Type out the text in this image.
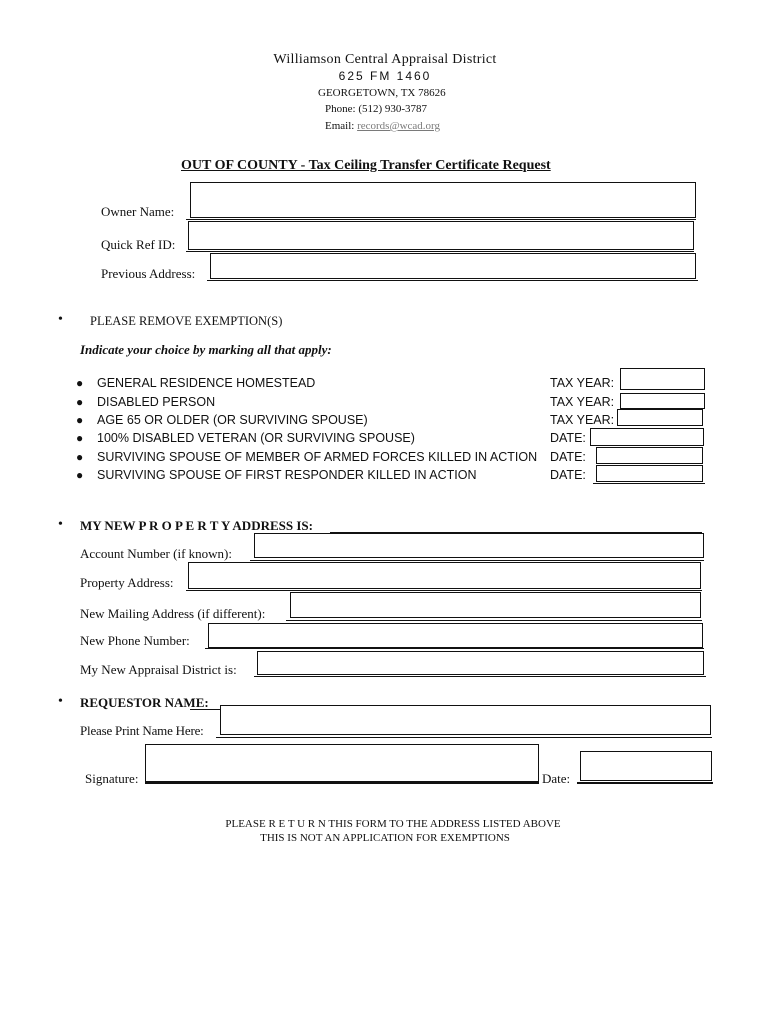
Williamson Central Appraisal District
625 FM 1460
GEORGETOWN, TX 78626
Phone: (512) 930-3787
Email: records@wcad.org
OUT OF COUNTY - Tax Ceiling Transfer Certificate Request
Owner Name:
Quick Ref ID:
Previous Address:
• PLEASE REMOVE EXEMPTION(S)
Indicate your choice by marking all that apply:
● GENERAL RESIDENCE HOMESTEAD	TAX YEAR:
● DISABLED PERSON	TAX YEAR:
● AGE 65 OR OLDER (OR SURVIVING SPOUSE)	TAX YEAR:
● 100% DISABLED VETERAN (OR SURVIVING SPOUSE)	DATE:
● SURVIVING SPOUSE OF MEMBER OF ARMED FORCES KILLED IN ACTION DATE:
● SURVIVING SPOUSE OF FIRST RESPONDER KILLED IN ACTION	DATE:
• MY NEW P R O P E R T Y ADDRESS IS:
Account Number (if known):
Property Address:
New Mailing Address (if different):
New Phone Number:
My New Appraisal District is:
• REQUESTOR NAME:
Please Print Name Here:
Signature:	Date:
PLEASE R E T U R N THIS FORM TO THE ADDRESS LISTED ABOVE
THIS IS NOT AN APPLICATION FOR EXEMPTIONS
